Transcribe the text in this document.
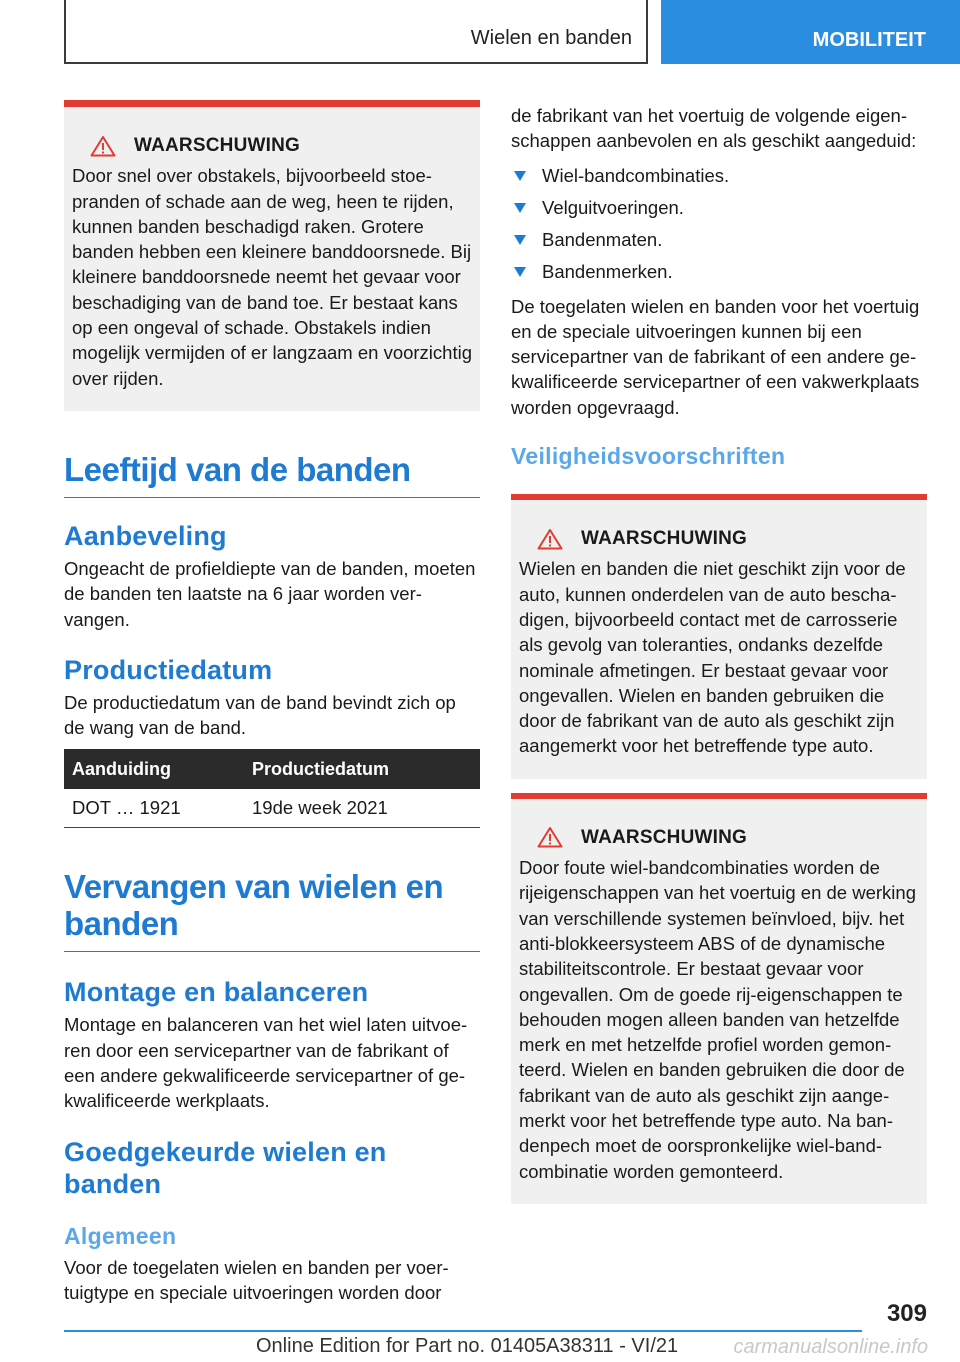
Wielen en banden	MOBILITEIT
WAARSCHUWING

Door snel over obstakels, bijvoorbeeld stoepranden of schade aan de weg, heen te rijden, kunnen banden beschadigd raken. Grotere banden hebben een kleinere banddoorsnede. Bij kleinere banddoorsnede neemt het gevaar voor beschadiging van de band toe. Er bestaat kans op een ongeval of schade. Obstakels indien mogelijk vermijden of er langzaam en voorzichtig over rijden.

Leeftijd van de banden
Aanbeveling

Ongeacht de profieldiepte van de banden, moeten de banden ten laatste na 6 jaar worden vervangen.

Productiedatum

De productiedatum van de band bevindt zich op de wang van de band.

Aanduiding	Productiedatum
DOT … 1921	19de week 2021
Vervangen van wielen en banden
Montage en balanceren

Montage en balanceren van het wiel laten uitvoeren door een servicepartner van de fabrikant of een andere gekwalificeerde servicepartner of gekwalificeerde werkplaats.

Goedgekeurde wielen en banden
Algemeen

Voor de toegelaten wielen en banden per voertuigtype en speciale uitvoeringen worden door

de fabrikant van het voertuig de volgende eigenschappen aanbevolen en als geschikt aangeduid:

Wiel-bandcombinaties.
Velguitvoeringen.
Bandenmaten.
Bandenmerken.

De toegelaten wielen en banden voor het voertuig en de speciale uitvoeringen kunnen bij een servicepartner van de fabrikant of een andere gekwalificeerde servicepartner of een vakwerkplaats worden opgevraagd.

Veiligheidsvoorschriften
WAARSCHUWING

Wielen en banden die niet geschikt zijn voor de auto, kunnen onderdelen van de auto beschadigen, bijvoorbeeld contact met de carrosserie als gevolg van toleranties, ondanks dezelfde nominale afmetingen. Er bestaat gevaar voor ongevallen. Wielen en banden gebruiken die door de fabrikant van de auto als geschikt zijn aangemerkt voor het betreffende type auto.

WAARSCHUWING

Door foute wiel-bandcombinaties worden de rijeigenschappen van het voertuig en de werking van verschillende systemen beïnvloed, bijv. het anti-blokkeersysteem ABS of de dynamische stabiliteitscontrole. Er bestaat gevaar voor ongevallen. Om de goede rij-eigenschappen te behouden mogen alleen banden van hetzelfde merk en met hetzelfde profiel worden gemonteerd. Wielen en banden gebruiken die door de fabrikant van de auto als geschikt zijn aangemerkt voor het betreffende type auto. Na bandenpech moet de oorspronkelijke wiel-bandcombinatie worden gemonteerd.

309
Online Edition for Part no. 01405A38311 - VI/21	carmanualsonline.info
